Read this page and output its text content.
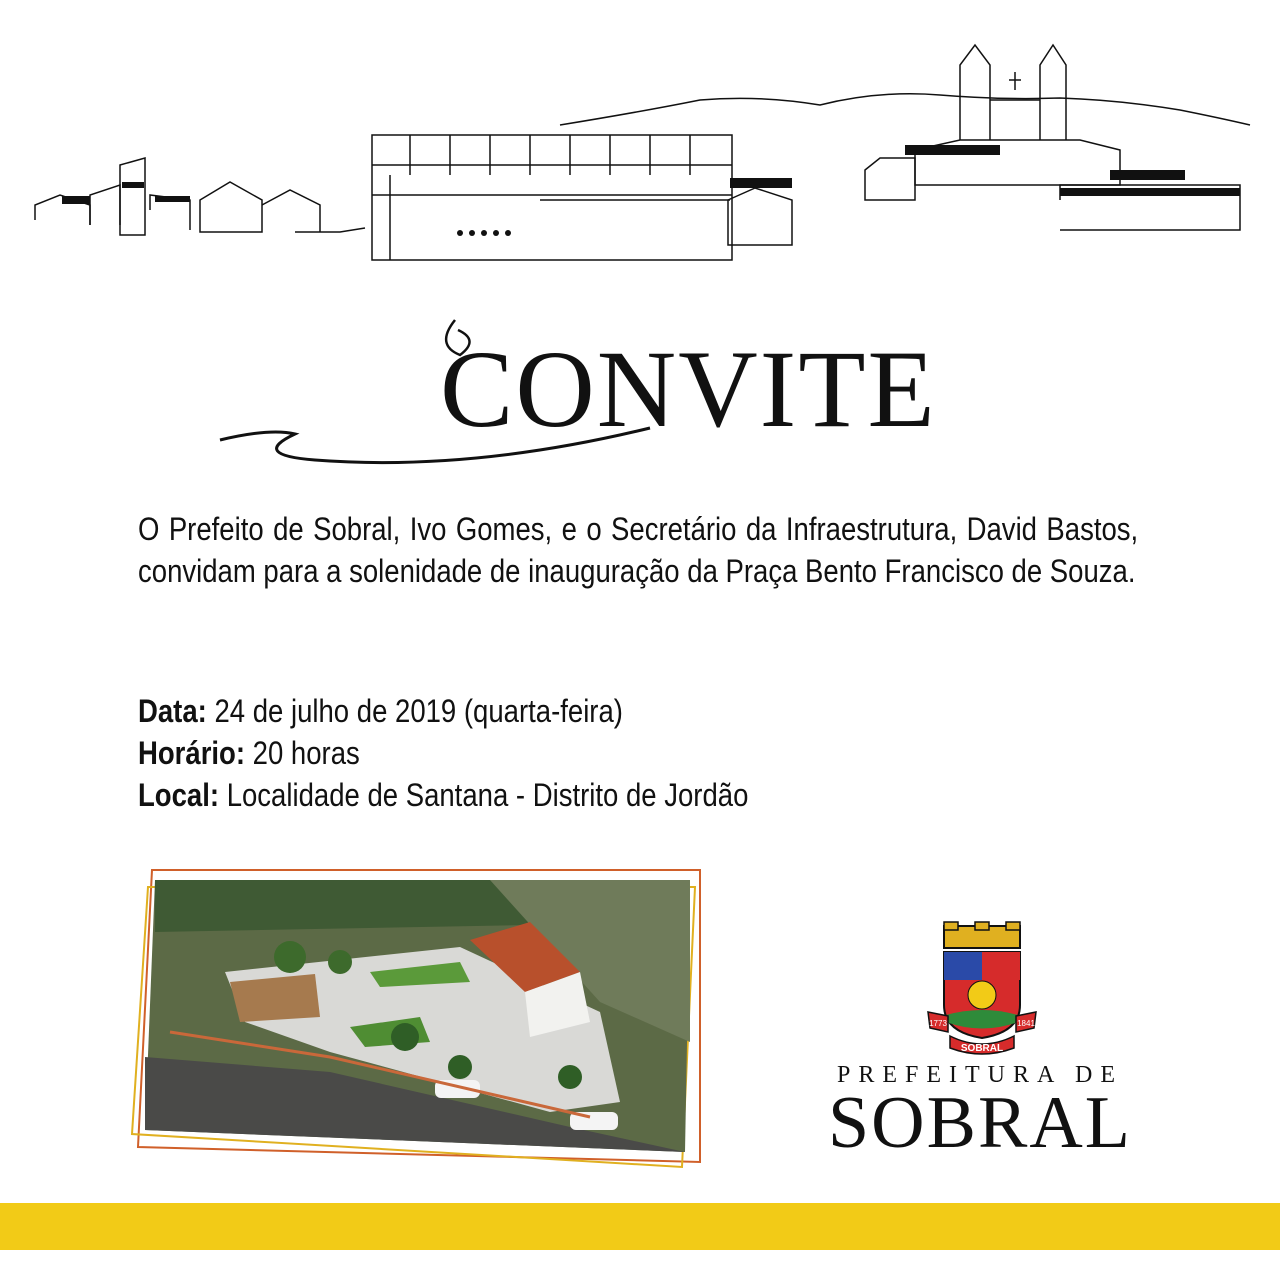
CONVITE
O Prefeito de Sobral, Ivo Gomes, e o Secretário da Infraestrutura, David Bastos, convidam para a solenidade de inauguração da Praça Bento Francisco de Souza.
Data: 24 de julho de 2019 (quarta-feira)
Horário: 20 horas
Local: Localidade de Santana - Distrito de Jordão
1773	1841
SOBRAL
PREFEITURA DE
SOBRAL
